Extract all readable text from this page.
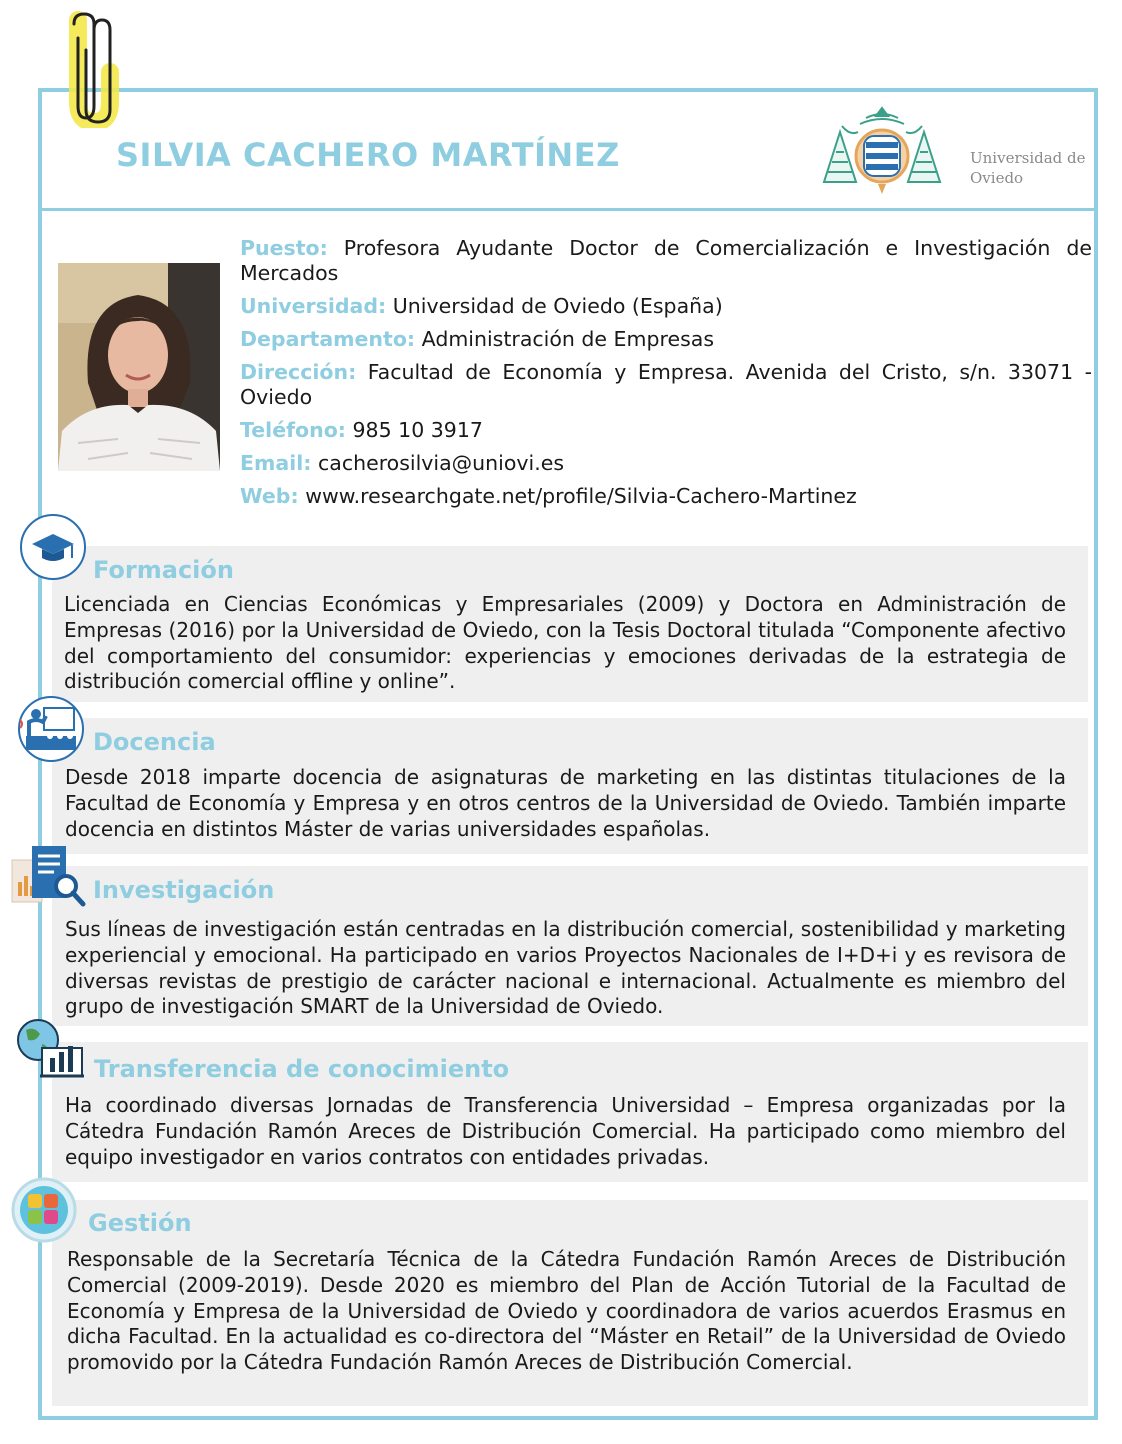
SILVIA CACHERO MARTÍNEZ	Universidad de Oviedo
Puesto: Profesora Ayudante Doctor de Comercialización e Investigación de Mercados
Universidad: Universidad de Oviedo (España)
Departamento: Administración de Empresas
Dirección: Facultad de Economía y Empresa. Avenida del Cristo, s/n. 33071 - Oviedo
Teléfono: 985 10 3917
Email: cacherosilvia@uniovi.es
Web: www.researchgate.net/profile/Silvia-Cachero-Martinez
Formación
Licenciada en Ciencias Económicas y Empresariales (2009) y Doctora en Administración de Empresas (2016) por la Universidad de Oviedo, con la Tesis Doctoral titulada “Componente afectivo del comportamiento del consumidor: experiencias y emociones derivadas de la estrategia de distribución comercial offline y online”.
Docencia
Desde 2018 imparte docencia de asignaturas de marketing en las distintas titulaciones de la Facultad de Economía y Empresa y en otros centros de la Universidad de Oviedo. También imparte docencia en distintos Máster de varias universidades españolas.
Investigación
Sus líneas de investigación están centradas en la distribución comercial, sostenibilidad y marketing experiencial y emocional. Ha participado en varios Proyectos Nacionales de I+D+i y es revisora de diversas revistas de prestigio de carácter nacional e internacional. Actualmente es miembro del grupo de investigación SMART de la Universidad de Oviedo.
Transferencia de conocimiento
Ha coordinado diversas Jornadas de Transferencia Universidad – Empresa organizadas por la Cátedra Fundación Ramón Areces de Distribución Comercial. Ha participado como miembro del equipo investigador en varios contratos con entidades privadas.
Gestión
Responsable de la Secretaría Técnica de la Cátedra Fundación Ramón Areces de Distribución Comercial (2009-2019). Desde 2020 es miembro del Plan de Acción Tutorial de la Facultad de Economía y Empresa de la Universidad de Oviedo y coordinadora de varios acuerdos Erasmus en dicha Facultad. En la actualidad es co-directora del “Máster en Retail” de la Universidad de Oviedo promovido por la Cátedra Fundación Ramón Areces de Distribución Comercial.
